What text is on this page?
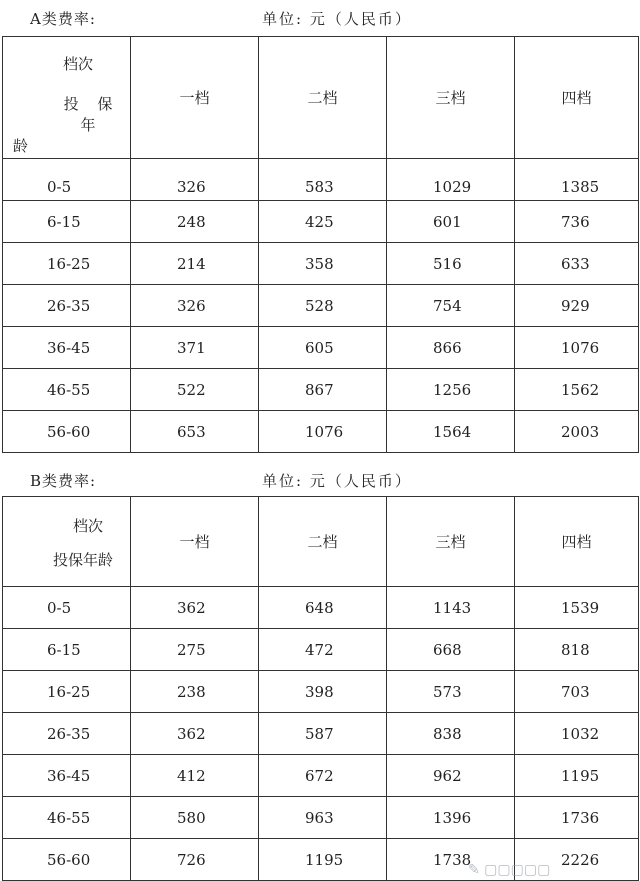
A类费率:	单位: 元（人民币）
档次
投 保 年
龄	一档	二档	三档	四档
0-5	326	583	1029	1385
6-15	248	425	601	736
16-25	214	358	516	633
26-35	326	528	754	929
36-45	371	605	866	1076
46-55	522	867	1256	1562
56-60	653	1076	1564	2003
B类费率:	单位: 元（人民币）
档次
投保年龄	一档	二档	三档	四档
0-5	362	648	1143	1539
6-15	275	472	668	818
16-25	238	398	573	703
26-35	362	587	838	1032
36-45	412	672	962	1195
46-55	580	963	1396	1736
56-60	726	1195	1738	2226
✎ ▢▢▢▢▢
